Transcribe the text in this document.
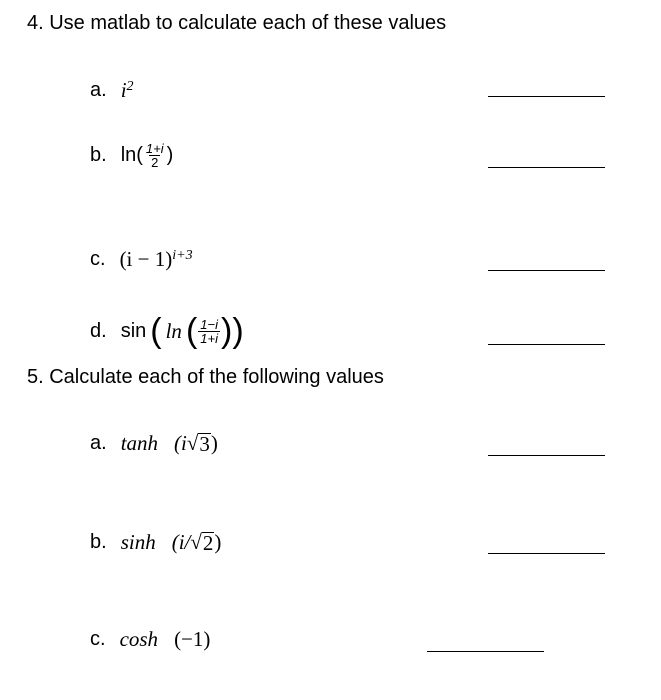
4. Use matlab to calculate each of these values
a. i 2
b. $\ln( \frac{1+i}{2}$ )
c. (i − 1) i+3
d. sin ( ln ( $\frac{1-i}{1+i}$ ) )
5. Calculate each of the following values
a. tanh (i √ 3 )
b. sinh (i/ √ 2 )
c. cosh (−1)
